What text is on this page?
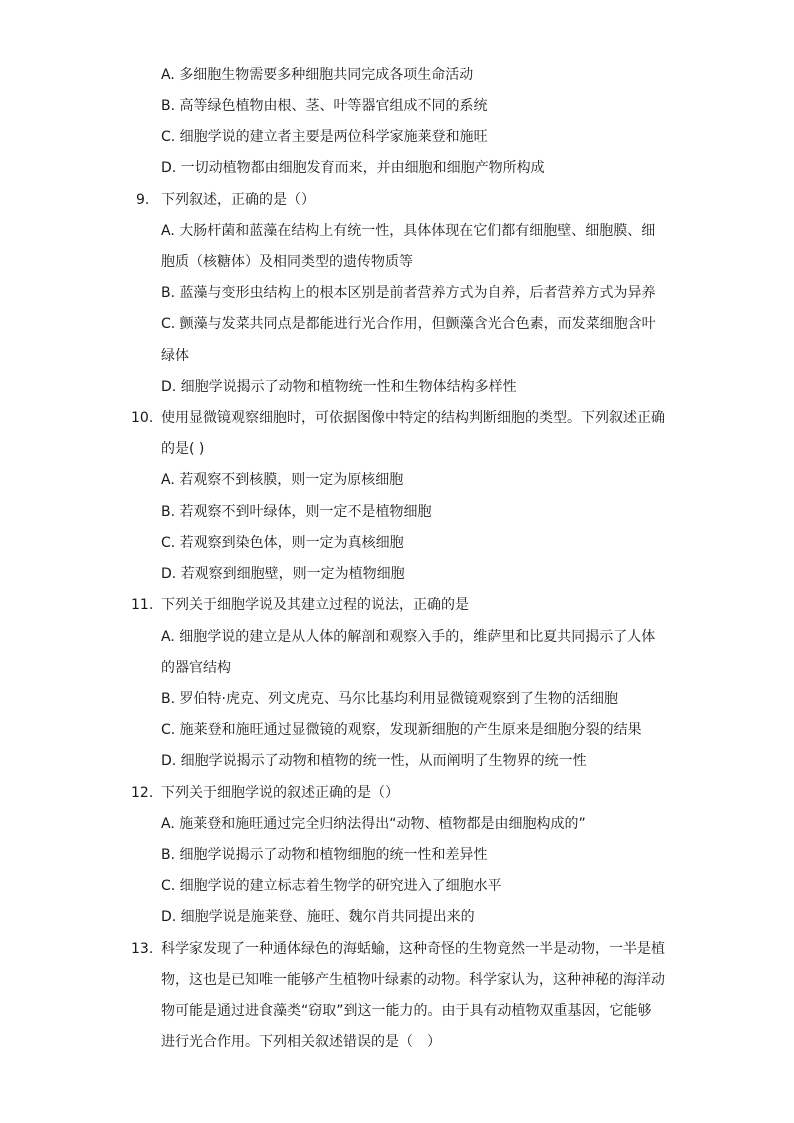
A. 多细胞生物需要多种细胞共同完成各项生命活动
B. 高等绿色植物由根、茎、叶等器官组成不同的系统
C. 细胞学说的建立者主要是两位科学家施莱登和施旺
D. 一切动植物都由细胞发育而来，并由细胞和细胞产物所构成
9. 下列叙述，正确的是（）
A. 大肠杆菌和蓝藻在结构上有统一性，具体体现在它们都有细胞壁、细胞膜、细
胞质（核糖体）及相同类型的遗传物质等
B. 蓝藻与变形虫结构上的根本区别是前者营养方式为自养，后者营养方式为异养
C. 颤藻与发菜共同点是都能进行光合作用，但颤藻含光合色素，而发菜细胞含叶
绿体
D. 细胞学说揭示了动物和植物统一性和生物体结构多样性
10. 使用显微镜观察细胞时，可依据图像中特定的结构判断细胞的类型。下列叙述正确
的是( )
A. 若观察不到核膜，则一定为原核细胞
B. 若观察不到叶绿体，则一定不是植物细胞
C. 若观察到染色体，则一定为真核细胞
D. 若观察到细胞壁，则一定为植物细胞
11. 下列关于细胞学说及其建立过程的说法，正确的是
A. 细胞学说的建立是从人体的解剖和观察入手的，维萨里和比夏共同揭示了人体
的器官结构
B. 罗伯特·虎克、列文虎克、马尔比基均利用显微镜观察到了生物的活细胞
C. 施莱登和施旺通过显微镜的观察，发现新细胞的产生原来是细胞分裂的结果
D. 细胞学说揭示了动物和植物的统一性，从而阐明了生物界的统一性
12. 下列关于细胞学说的叙述正确的是（）
A. 施莱登和施旺通过完全归纳法得出“动物、植物都是由细胞构成的”
B. 细胞学说揭示了动物和植物细胞的统一性和差异性
C. 细胞学说的建立标志着生物学的研究进入了细胞水平
D. 细胞学说是施莱登、施旺、魏尔肖共同提出来的
13. 科学家发现了一种通体绿色的海蛞蝓，这种奇怪的生物竟然一半是动物，一半是植
物，这也是已知唯一能够产生植物叶绿素的动物。科学家认为，这种神秘的海洋动
物可能是通过进食藻类“窃取”到这一能力的。由于具有动植物双重基因，它能够
进行光合作用。下列相关叙述错误的是（　）
